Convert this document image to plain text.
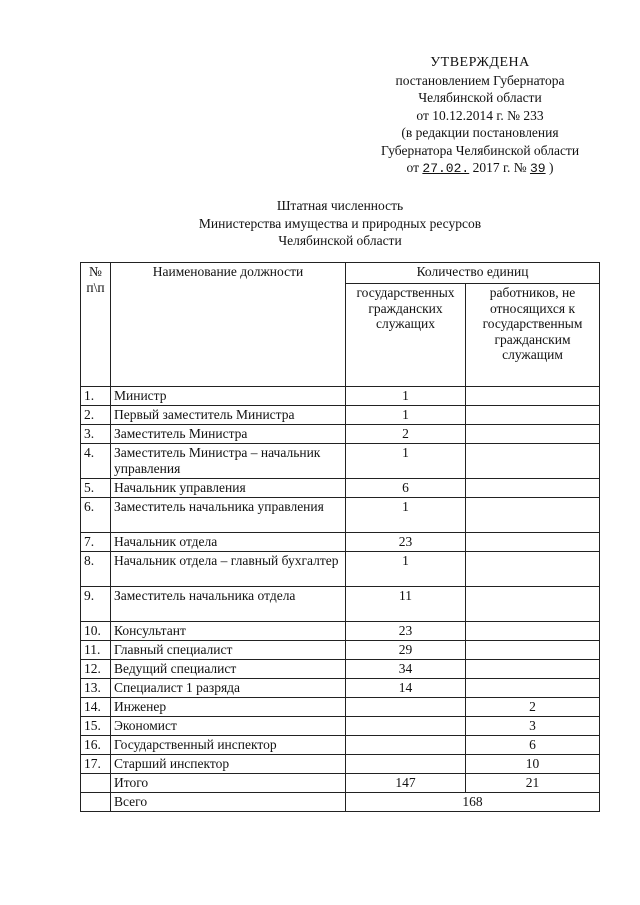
УТВЕРЖДЕНА
постановлением Губернатора
Челябинской области
от 10.12.2014 г. № 233
(в редакции постановления
Губернатора Челябинской области
от 27.02. 2017 г. № 39 )
Штатная численность
Министерства имущества и природных ресурсов
Челябинской области
№ п\п	Наименование должности	Количество единиц	
		государственных гражданских служащих	работников, не относящихся к государственным гражданским служащим
1.	Министр	1	
2.	Первый заместитель Министра	1	
3.	Заместитель Министра	2	
4.	Заместитель Министра – начальник управления	1	
5.	Начальник управления	6	
6.	Заместитель начальника управления	1	
7.	Начальник отдела	23	
8.	Начальник отдела – главный бухгалтер	1	
9.	Заместитель начальника отдела	11	
10.	Консультант	23	
11.	Главный специалист	29	
12.	Ведущий специалист	34	
13.	Специалист 1 разряда	14	
14.	Инженер		2
15.	Экономист		3
16.	Государственный инспектор		6
17.	Старший инспектор		10
	Итого	147	21
	Всего	168	
